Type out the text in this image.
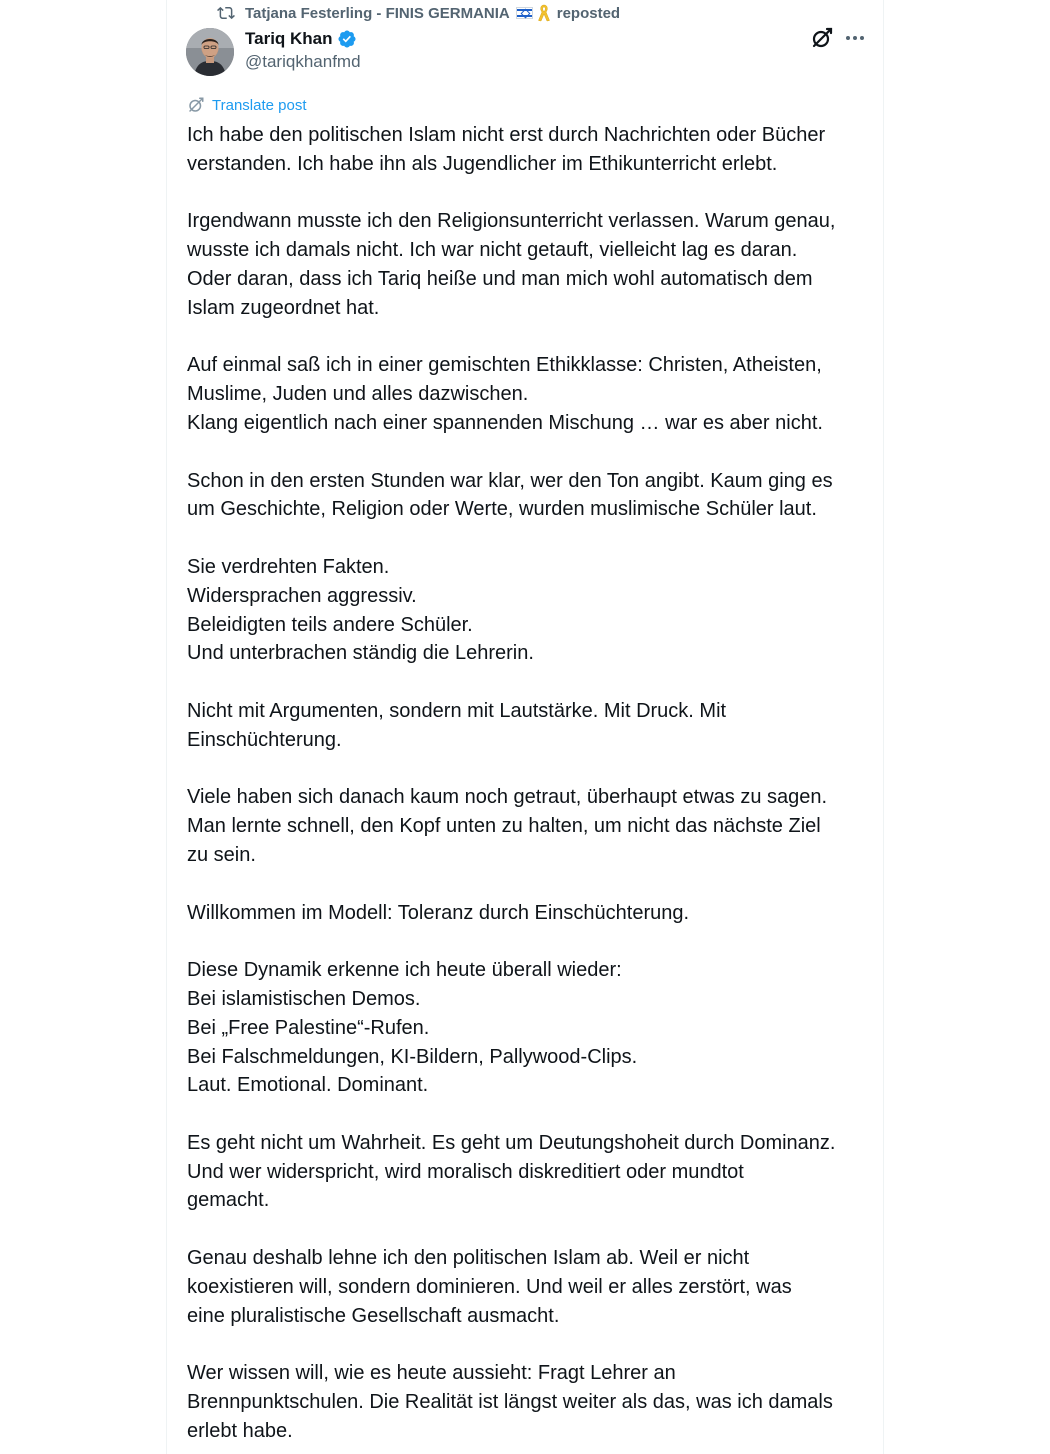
Tatjana Festerling - FINIS GERMANIA	reposted
Tariq Khan
@tariqkhanfmd
Translate post

Ich habe den politischen Islam nicht erst durch Nachrichten oder Bücher
verstanden. Ich habe ihn als Jugendlicher im Ethikunterricht erlebt.

Irgendwann musste ich den Religionsunterricht verlassen. Warum genau,
wusste ich damals nicht. Ich war nicht getauft, vielleicht lag es daran.
Oder daran, dass ich Tariq heiße und man mich wohl automatisch dem
Islam zugeordnet hat.

Auf einmal saß ich in einer gemischten Ethikklasse: Christen, Atheisten,
Muslime, Juden und alles dazwischen.
Klang eigentlich nach einer spannenden Mischung … war es aber nicht.

Schon in den ersten Stunden war klar, wer den Ton angibt. Kaum ging es
um Geschichte, Religion oder Werte, wurden muslimische Schüler laut.

Sie verdrehten Fakten.
Widersprachen aggressiv.
Beleidigten teils andere Schüler.
Und unterbrachen ständig die Lehrerin.

Nicht mit Argumenten, sondern mit Lautstärke. Mit Druck. Mit
Einschüchterung.

Viele haben sich danach kaum noch getraut, überhaupt etwas zu sagen.
Man lernte schnell, den Kopf unten zu halten, um nicht das nächste Ziel
zu sein.

Willkommen im Modell: Toleranz durch Einschüchterung.

Diese Dynamik erkenne ich heute überall wieder:
Bei islamistischen Demos.
Bei „Free Palestine“-Rufen.
Bei Falschmeldungen, KI-Bildern, Pallywood-Clips.
Laut. Emotional. Dominant.

Es geht nicht um Wahrheit. Es geht um Deutungshoheit durch Dominanz.
Und wer widerspricht, wird moralisch diskreditiert oder mundtot
gemacht.

Genau deshalb lehne ich den politischen Islam ab. Weil er nicht
koexistieren will, sondern dominieren. Und weil er alles zerstört, was
eine pluralistische Gesellschaft ausmacht.

Wer wissen will, wie es heute aussieht: Fragt Lehrer an
Brennpunktschulen. Die Realität ist längst weiter als das, was ich damals
erlebt habe.
